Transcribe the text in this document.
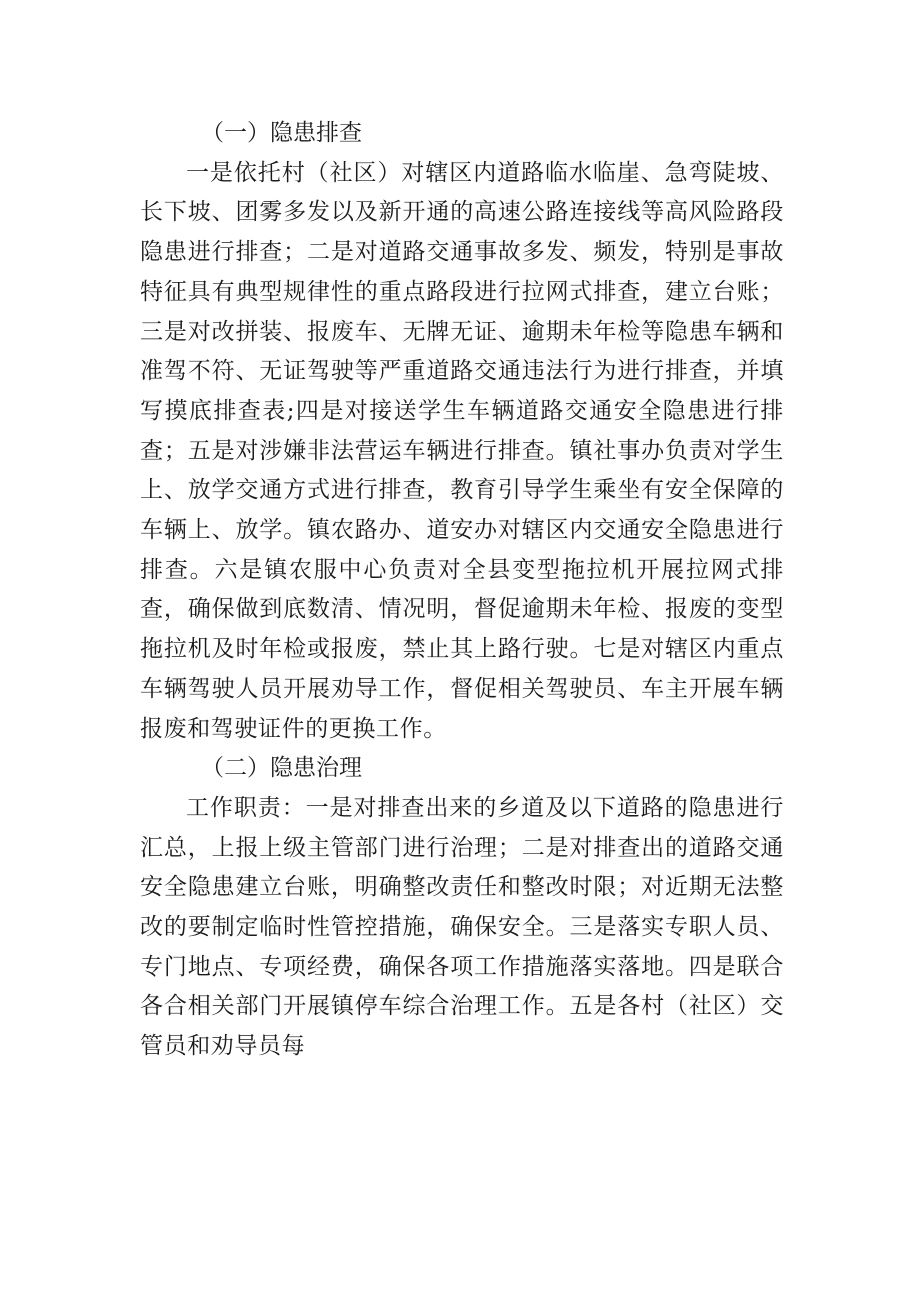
（一）隐患排查

一是依托村（社区）对辖区内道路临水临崖、急弯陡坡、长下坡、团雾多发以及新开通的高速公路连接线等高风险路段隐患进行排查；二是对道路交通事故多发、频发，特别是事故特征具有典型规律性的重点路段进行拉网式排查，建立台账；三是对改拼装、报废车、无牌无证、逾期未年检等隐患车辆和准驾不符、无证驾驶等严重道路交通违法行为进行排查，并填写摸底排查表;四是对接送学生车辆道路交通安全隐患进行排查；五是对涉嫌非法营运车辆进行排查。镇社事办负责对学生上、放学交通方式进行排查，教育引导学生乘坐有安全保障的车辆上、放学。镇农路办、道安办对辖区内交通安全隐患进行排查。六是镇农服中心负责对全县变型拖拉机开展拉网式排查，确保做到底数清、情况明，督促逾期未年检、报废的变型拖拉机及时年检或报废，禁止其上路行驶。七是对辖区内重点车辆驾驶人员开展劝导工作，督促相关驾驶员、车主开展车辆报废和驾驶证件的更换工作。

（二）隐患治理

工作职责：一是对排查出来的乡道及以下道路的隐患进行汇总，上报上级主管部门进行治理；二是对排查出的道路交通安全隐患建立台账，明确整改责任和整改时限；对近期无法整改的要制定临时性管控措施，确保安全。三是落实专职人员、专门地点、专项经费，确保各项工作措施落实落地。四是联合各合相关部门开展镇停车综合治理工作。五是各村（社区）交管员和劝导员每
